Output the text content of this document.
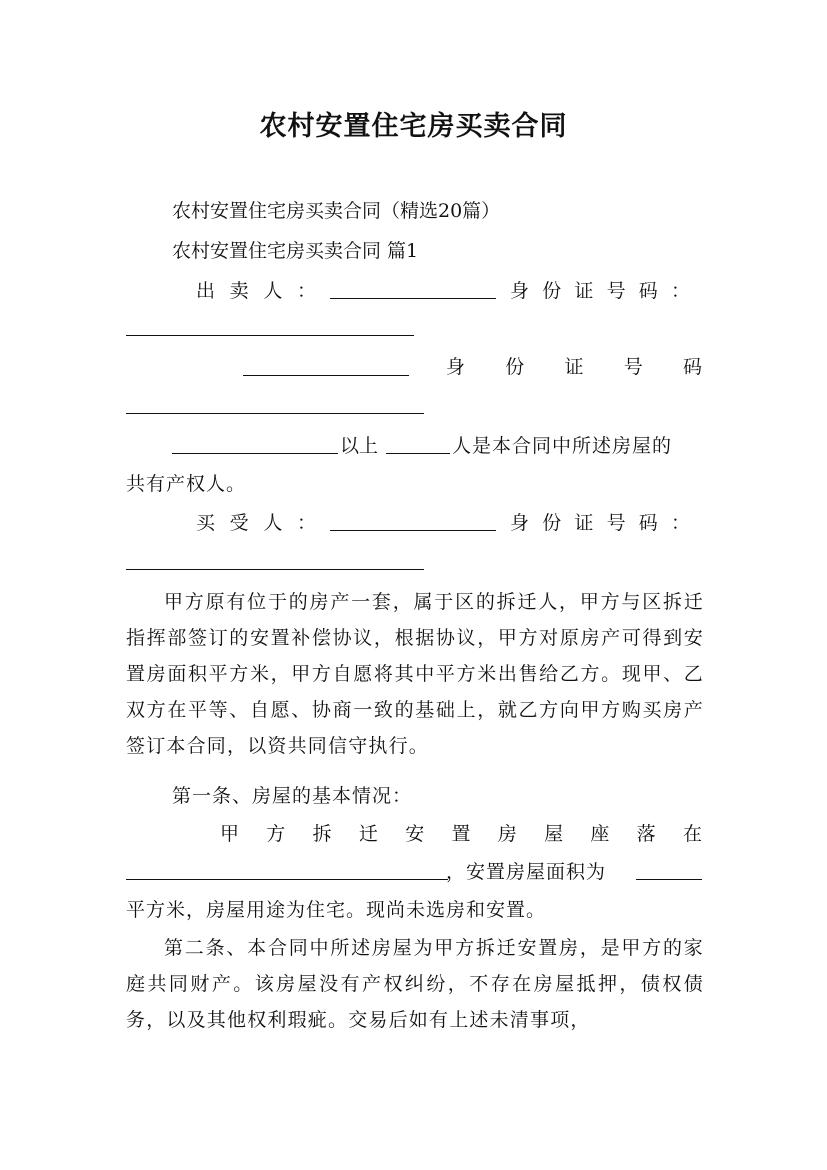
农村安置住宅房买卖合同
农村安置住宅房买卖合同（精选20篇）
农村安置住宅房买卖合同 篇1
出 卖 人 ：	身 份 证 号 码 ：
身 份 证 号 码
以上	人是本合同中所述房屋的
共有产权人。
买 受 人 ：	身 份 证 号 码 ：
甲方原有位于的房产一套，属于区的拆迁人，甲方与区拆迁指挥部签订的安置补偿协议，根据协议，甲方对原房产可得到安置房面积平方米，甲方自愿将其中平方米出售给乙方。现甲、乙双方在平等、自愿、协商一致的基础上，就乙方向甲方购买房产签订本合同，以资共同信守执行。
第一条、房屋的基本情况：
甲 方 拆 迁 安 置 房 屋 座 落 在
，安置房屋面积为
平方米，房屋用途为住宅。现尚未选房和安置。
第二条、本合同中所述房屋为甲方拆迁安置房，是甲方的家庭共同财产。该房屋没有产权纠纷，不存在房屋抵押，债权债务，以及其他权利瑕疵。交易后如有上述未清事项，
